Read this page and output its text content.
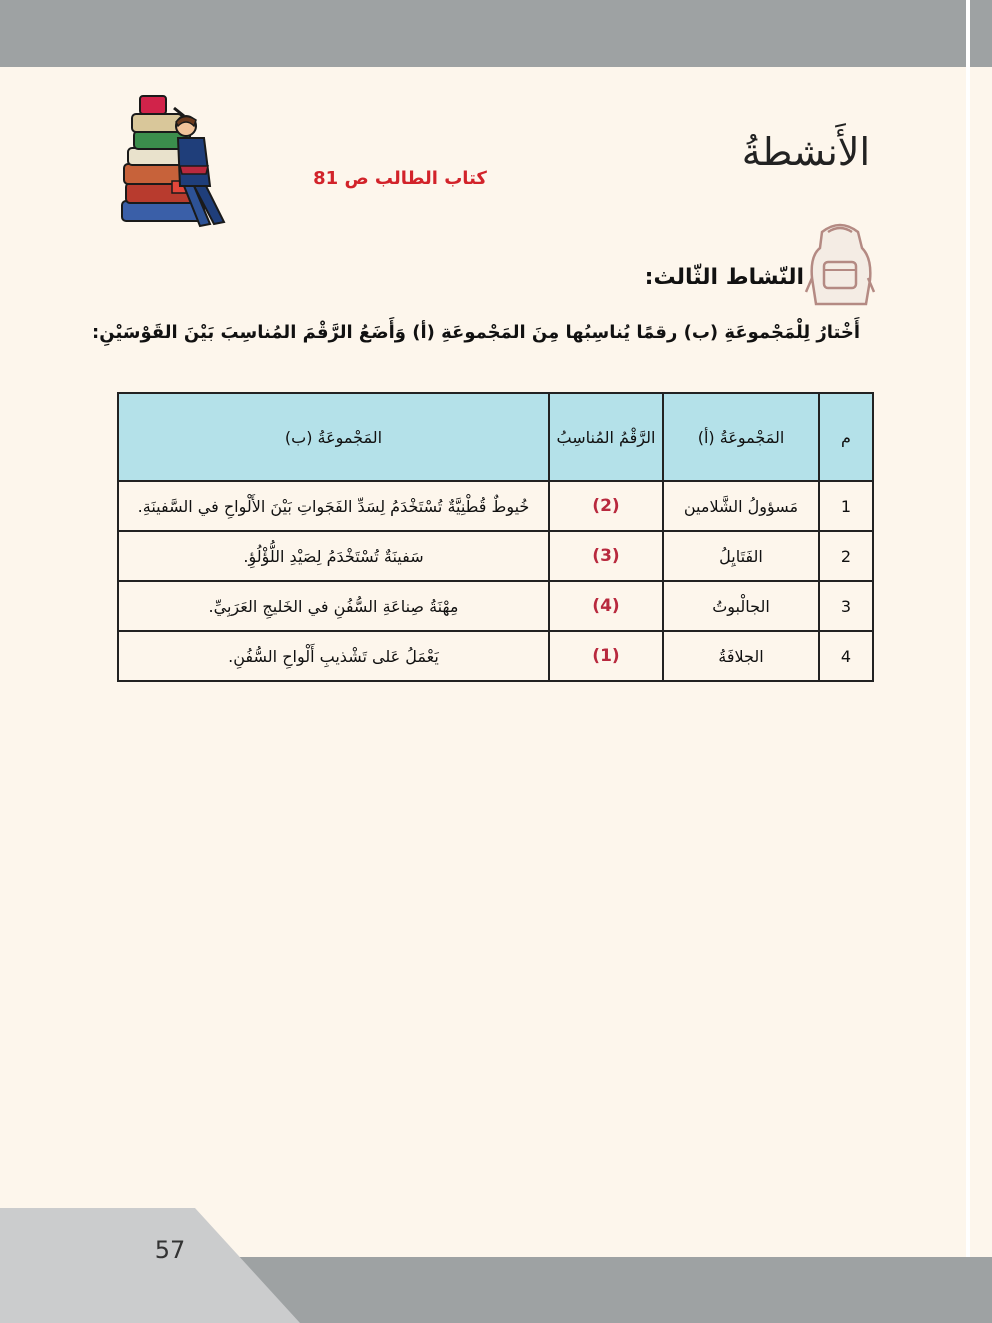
57
الأَنشطةُ
كتاب الطالب ص 81
النّشاط الثّالث:
أَخْتارُ لِلْمَجْموعَةِ (ب) رقمًا يُناسِبُها مِنَ المَجْموعَةِ (أ) وَأَضَعُ الرَّقْمَ المُناسِبَ بَيْنَ القَوْسَيْنِ:
م	المَجْموعَةُ (أ)	الرَّقْمُ المُناسِبُ	المَجْموعَةُ (ب)
1	مَسؤولُ الشَّلامين	(2)	خُيوطٌ قُطْنِيَّةٌ تُسْتَخْدَمُ لِسَدِّ الفَجَواتِ بَيْنَ الأَلْواحِ في السَّفينَةِ.
2	الفَتَايِلُ	(3)	سَفينَةٌ تُسْتَخْدَمُ لِصَيْدِ اللُّؤْلُؤِ.
3	الجالْبوتُ	(4)	مِهْنَةُ صِناعَةِ السُّفُنِ في الخَليجِ العَرَبِيِّ.
4	الجلافَةُ	(1)	يَعْمَلُ عَلى تَشْذيبِ أَلْواحِ السُّفُنِ.
